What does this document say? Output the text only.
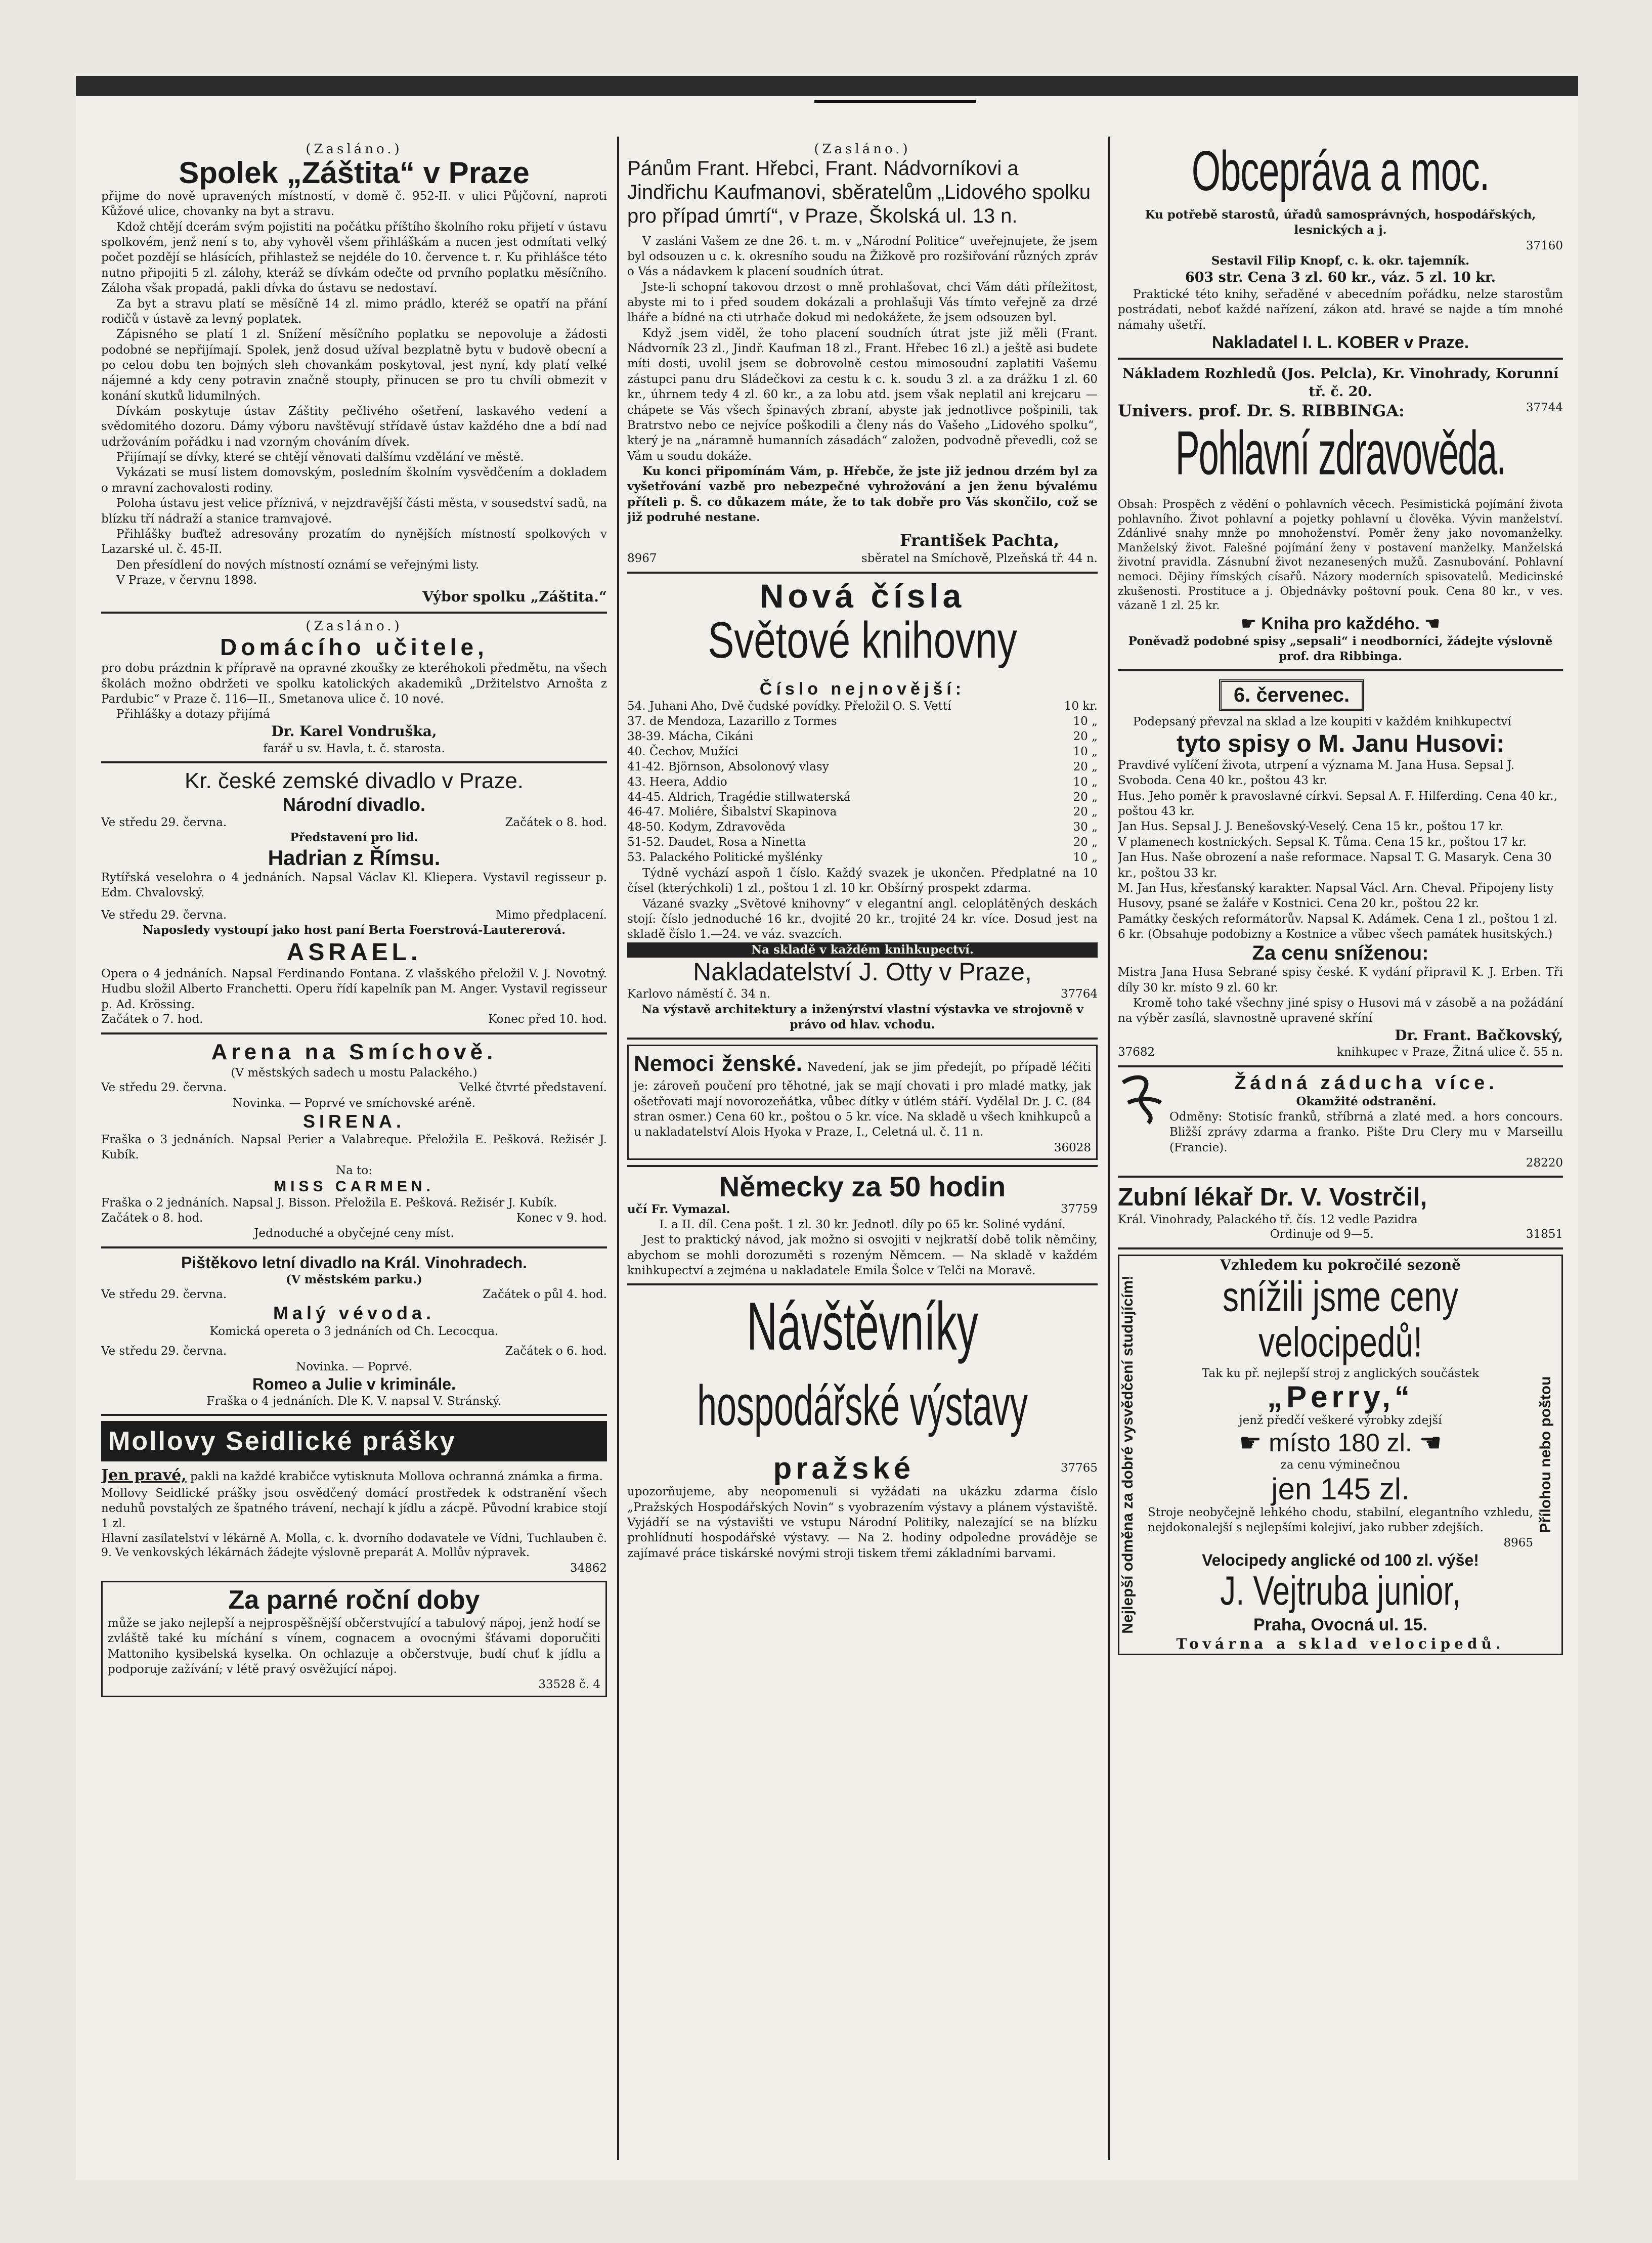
(Zasláno.)

Spolek „Záštita“ v Praze

přijme do nově upravených místností, v domě č. 952-II. v ulici Půjčovní, naproti Kůžové ulice, chovanky na byt a stravu.

Kdož chtějí dcerám svým pojistiti na počátku příštího školního roku přijetí v ústavu spolkovém, jenž není s to, aby vyhověl všem přihláškám a nucen jest odmítati velký počet pozdějí se hlásících, přihlastež se nejdéle do 10. července t. r. Ku přihlášce této nutno připojiti 5 zl. zálohy, kteráž se dívkám odečte od prvního poplatku měsíčního. Záloha však propadá, pakli dívka do ústavu se nedostaví.

Za byt a stravu platí se měsíčně 14 zl. mimo prádlo, kteréž se opatří na přání rodičů v ústavě za levný poplatek.

Zápisného se platí 1 zl. Snížení měsíčního poplatku se nepovoluje a žádosti podobné se nepřijímají. Spolek, jenž dosud užíval bezplatně bytu v budově obecní a po celou dobu ten bojných sleh chovankám poskytoval, jest nyní, kdy platí velké nájemné a kdy ceny potravin značně stoupły, přinucen se pro tu chvíli obmezit v konání skutků lidumilných.

Dívkám poskytuje ústav Záštity pečlivého ošetření, laskavého vedení a svědomitého dozoru. Dámy výboru navštěvují střídavě ústav každého dne a bdí nad udržováním pořádku i nad vzorným chováním dívek.

Přijímají se dívky, které se chtějí věnovati dalšímu vzdělání ve městě.

Vykázati se musí listem domovským, posledním školním vysvědčením a dokladem o mravní zachovalosti rodiny.

Poloha ústavu jest velice příznivá, v nejzdravější části města, v sousedství sadů, na blízku tří nádraží a stanice tramvajové.

Přihlášky buďtež adresovány prozatím do nynějších místností spolkových v Lazarské ul. č. 45-II.

Den přesídlení do nových místností oznámí se veřejnými listy.

V Praze, v červnu 1898.

Výbor spolku „Záštita.“

(Zasláno.)

Domácího učitele,

pro dobu prázdnin k přípravě na opravné zkoušky ze kteréhokoli předmětu, na všech školách možno obdržeti ve spolku katolických akademiků „Držitelstvo Arnošta z Pardubic“ v Praze č. 116—II., Smetanova ulice č. 10 nové.

Přihlášky a dotazy přijímá

Dr. Karel Vondruška,

farář u sv. Havla, t. č. starosta.

Kr. české zemské divadlo v Praze.

Národní divadlo.

Ve středu 29. června.	Začátek o 8. hod.

Představení pro lid.

Hadrian z Římsu.

Rytířská veselohra o 4 jednáních. Napsal Václav Kl. Kliepera. Vystavil regisseur p. Edm. Chvalovský.

Ve středu 29. června.	Mimo předplacení.

Naposledy vystoupí jako host paní Berta Foerstrová-Lautererová.

ASRAEL.

Opera o 4 jednáních. Napsal Ferdinando Fontana. Z vlašského přeložil V. J. Novotný. Hudbu složil Alberto Franchetti. Operu řídí kapelník pan M. Anger. Vystavil regisseur p. Ad. Krössing.

Začátek o 7. hod.	Konec před 10. hod.

Arena na Smíchově.

(V městských sadech u mostu Palackého.)

Ve středu 29. června.	Velké čtvrté představení.

Novinka. — Poprvé ve smíchovské aréně.

SIRENA.

Fraška o 3 jednáních. Napsal Perier a Valabreque. Přeložila E. Pešková. Režisér J. Kubík.

Na to:

MISS CARMEN.

Fraška o 2 jednáních. Napsal J. Bisson. Přeložila E. Pešková. Režisér J. Kubík.

Začátek o 8. hod.	Konec v 9. hod.

Jednoduché a obyčejné ceny míst.

Pištěkovo letní divadlo na Král. Vinohradech.

(V městském parku.)

Ve středu 29. června.	Začátek o půl 4. hod.

Malý vévoda.

Komická opereta o 3 jednáních od Ch. Lecocqua.

Ve středu 29. června.	Začátek o 6. hod.

Novinka. — Poprvé.

Romeo a Julie v kriminále.

Fraška o 4 jednáních. Dle K. V. napsal V. Stránský.

Mollovy Seidlické prášky

Jen pravé, pakli na každé krabičce vytisknuta Mollova ochranná známka a firma.

Mollovy Seidlické prášky jsou osvědčený domácí prostředek k odstranění všech neduhů povstalých ze špatného trávení, nechají k jídlu a zácpě. Původní krabice stojí 1 zl.

Hlavní zasílatelství v lékárně A. Molla, c. k. dvorního dodavatele ve Vídni, Tuchlauben č. 9. Ve venkovských lékárnách žádejte výslovně preparát A. Mollův nýpravek.

34862

Za parné roční doby

může se jako nejlepší a nejprospěšnější občerstvující a tabulový nápoj, jenž hodí se zvláště také ku míchání s vínem, cognacem a ovocnými šťávami doporučiti Mattoniho kysibelská kyselka. On ochlazuje a občerstvuje, budí chuť k jídlu a podporuje zažívání; v létě pravý osvěžující nápoj.

33528 č. 4

(Zasláno.)

Pánům Frant. Hřebci, Frant. Nádvorníkovi a Jindřichu Kaufmanovi, sběratelům „Lidového spolku pro případ úmrtí“, v Praze, Školská ul. 13 n.

V zasláni Vašem ze dne 26. t. m. v „Národní Politice“ uveřejnujete, že jsem byl odsouzen u c. k. okresního soudu na Žižkově pro rozšiřování různých zpráv o Vás a nádavkem k placení soudních útrat.

Jste-li schopní takovou drzost o mně prohlašovat, chci Vám dáti příležitost, abyste mi to i před soudem dokázali a prohlašuji Vás tímto veřejně za drzé lháře a bídné na cti utrhače dokud mi nedokážete, že jsem odsouzen byl.

Když jsem viděl, že toho placení soudních útrat jste již měli (Frant. Nádvorník 23 zl., Jindř. Kaufman 18 zl., Frant. Hřebec 16 zl.) a ještě asi budete míti dosti, uvolil jsem se dobrovolně cestou mimosoudní zaplatiti Vašemu zástupci panu dru Sládečkovi za cestu k c. k. soudu 3 zl. a za drážku 1 zl. 60 kr., úhrnem tedy 4 zl. 60 kr., a za lobu atd. jsem však neplatil ani krejcaru — chápete se Vás všech špinavých zbraní, abyste jak jednotlivce pošpinili, tak Bratrstvo nebo ce nejvíce poškodili a členy nás do Vašeho „Lidového spolku“, který je na „náramně humanních zásadách“ založen, podvodně převedli, což se Vám u soudu dokáže.

Ku konci připomínám Vám, p. Hřebče, že jste již jednou drzém byl za vyšetřování vazbě pro nebezpečné vyhrožování a jen ženu bývalému příteli p. Š. co důkazem máte, že to tak dobře pro Vás skončilo, což se již podruhé nestane.

8967
František Pachta,
sběratel na Smíchově, Plzeňská tř. 44 n.

Nová čísla

Světové knihovny

Číslo nejnovější:

54. Juhani Aho, Dvě čudské povídky. Přeložil O. S. Vettí	10 kr.
37. de Mendoza, Lazarillo z Tormes	10 „
38-39. Mácha, Cikáni	20 „
40. Čechov, Mužíci	10 „
41-42. Björnson, Absolonový vlasy	20 „
43. Heera, Addio	10 „
44-45. Aldrich, Tragédie stillwaterská	20 „
46-47. Moliére, Šibalství Skapinova	20 „
48-50. Kodym, Zdravověda	30 „
51-52. Daudet, Rosa a Ninetta	20 „
53. Palackého Politické myšlénky	10 „

Týdně vychází aspoň 1 číslo. Každý svazek je ukončen. Předplatné na 10 čísel (kterýchkoli) 1 zl., poštou 1 zl. 10 kr. Obšírný prospekt zdarma.

Vázané svazky „Světové knihovny“ v elegantní angl. celoplátěných deskách stojí: číslo jednoduché 16 kr., dvojité 20 kr., trojité 24 kr. více. Dosud jest na skladě číslo 1.—24. ve váz. svazcích.

Na skladě v každém knihkupectví.

Nakladatelství J. Otty v Praze,

Karlovo náměstí č. 34 n.	37764

Na výstavě architektury a inženýrství vlastní výstavka ve strojovně v právo od hlav. vchodu.

Nemoci ženské. Navedení, jak se jim předejít, po případě léčiti je: zároveň poučení pro těhotné, jak se mají chovati i pro mladé matky, jak ošetřovati mají novorozeňátka, vůbec dítky v útlém stáří. Vydělal Dr. J. C. (84 stran osmer.) Cena 60 kr., poštou o 5 kr. více. Na skladě u všech knihkupců a u nakladatelství Alois Hyoka v Praze, I., Celetná ul. č. 11 n.

36028

Německy za 50 hodin

učí Fr. Vymazal.	37759

I. a II. díl. Cena pošt. 1 zl. 30 kr. Jednotl. díly po 65 kr. Soliné vydání.

Jest to praktický návod, jak možno si osvojiti v nejkratší době tolik němčiny, abychom se mohli dorozuměti s rozeným Němcem. — Na skladě v každém knihkupectví a zejména u nakladatele Emila Šolce v Telči na Moravě.

Návštěvníky

hospodářské výstavy

pražské	37765

upozorňujeme, aby neopomenuli si vyžádati na ukázku zdarma číslo „Pražských Hospodářských Novin“ s vyobrazením výstavy a plánem výstaviště. Vyjádří se na výstavišti ve vstupu Národní Politiky, nalezající se na blízku prohlídnutí hospodářské výstavy. — Na 2. hodiny odpoledne prováděje se zajímavé práce tiskárské novými stroji tiskem třemi základními barvami.

Obcepráva a moc.

Ku potřebě starostů, úřadů samosprávných, hospodářských, lesnických a j.

37160

Sestavil Filip Knopf, c. k. okr. tajemník.

603 str. Cena 3 zl. 60 kr., váz. 5 zl. 10 kr.

Praktické této knihy, seřaděné v abecedním pořádku, nelze starostům postrádati, neboť každé nařízení, zákon atd. hravé se najde a tím mnohé námahy ušetří.

Nakladatel I. L. KOBER v Praze.

Nákladem Rozhledů (Jos. Pelcla), Kr. Vinohrady, Korunní tř. č. 20.

Univers. prof. Dr. S. RIBBINGA:	37744

Pohlavní zdravověda.

Obsah: Prospěch z vědění o pohlavních věcech. Pesimistická pojímání života pohlavního. Život pohlavní a pojetky pohlavní u člověka. Vývin manželství. Zdánlivé snahy mnže po mnohoženství. Poměr ženy jako novomanželky. Manželský život. Falešné pojímání ženy v postavení manželky. Manželská životní pravidla. Zásnubní život nezanesených mužů. Zasnubování. Pohlavní nemoci. Dějiny římských císařů. Názory moderních spisovatelů. Medicinské zkušenosti. Prostituce a j. Objednávky poštovní pouk. Cena 80 kr., v ves. vázaně 1 zl. 25 kr.

☛ Kniha pro každého. ☚

Poněvadž podobné spisy „sepsali“ i neodborníci, žádejte výslovně prof. dra Ribbinga.

6. červenec.

Podepsaný převzal na sklad a lze koupiti v každém knihkupectví

tyto spisy o M. Janu Husovi:

Pravdivé vylíčení života, utrpení a význama M. Jana Husa. Sepsal J. Svoboda. Cena 40 kr., poštou 43 kr.
Hus. Jeho poměr k pravoslavné církvi. Sepsal A. F. Hilferding. Cena 40 kr., poštou 43 kr.
Jan Hus. Sepsal J. J. Benešovský-Veselý. Cena 15 kr., poštou 17 kr.
V plamenech kostnických. Sepsal K. Tůma. Cena 15 kr., poštou 17 kr.
Jan Hus. Naše obrození a naše reformace. Napsal T. G. Masaryk. Cena 30 kr., poštou 33 kr.
M. Jan Hus, křesťanský karakter. Napsal Václ. Arn. Cheval. Připojeny listy Husovy, psané se žaláře v Kostnici. Cena 20 kr., poštou 22 kr.
Památky českých reformátorův. Napsal K. Adámek. Cena 1 zl., poštou 1 zl. 6 kr. (Obsahuje podobizny a Kostnice a vůbec všech památek husitských.)

Za cenu sníženou:

Mistra Jana Husa Sebrané spisy české. K vydání připravil K. J. Erben. Tři díly 30 kr. místo 9 zl. 60 kr.

Kromě toho také všechny jiné spisy o Husovi má v zásobě a na požádání na výběr zasílá, slavnostně upravené skříní

Dr. Frant. Bačkovský,

37682	knihkupec v Praze, Žitná ulice č. 55 n.

Žádná záducha více.

Okamžité odstranění.

Odměny: Stotisíc franků, stříbrná a zlaté med. a hors concours. Bližší zprávy zdarma a franko. Pište Dru Clery mu v Marseillu (Francie).

28220

Zubní lékař Dr. V. Vostrčil,

Král. Vinohrady, Palackého tř. čís. 12 vedle Pazidra

Ordinuje od 9—5.	31851
Nejlepší odměna za dobré vysvědčení studujícím!	Přílohou nebo poštou

Vzhledem ku pokročilé sezoně

snížili jsme ceny

velocipedů!

Tak ku př. nejlepší stroj z anglických součástek

„Perry,“

jenž předčí veškeré výrobky zdejší

☛ místo 180 zl. ☚

za cenu výminečnou

jen 145 zl.

Stroje neobyčejně lehkého chodu, stabilní, elegantního vzhledu, nejdokonalejší s nejlepšími kolejiví, jako rubber zdejších.

8965

Velocipedy anglické od 100 zl. výše!

J. Vejtruba junior,

Praha, Ovocná ul. 15.

Továrna a sklad velocipedů.
